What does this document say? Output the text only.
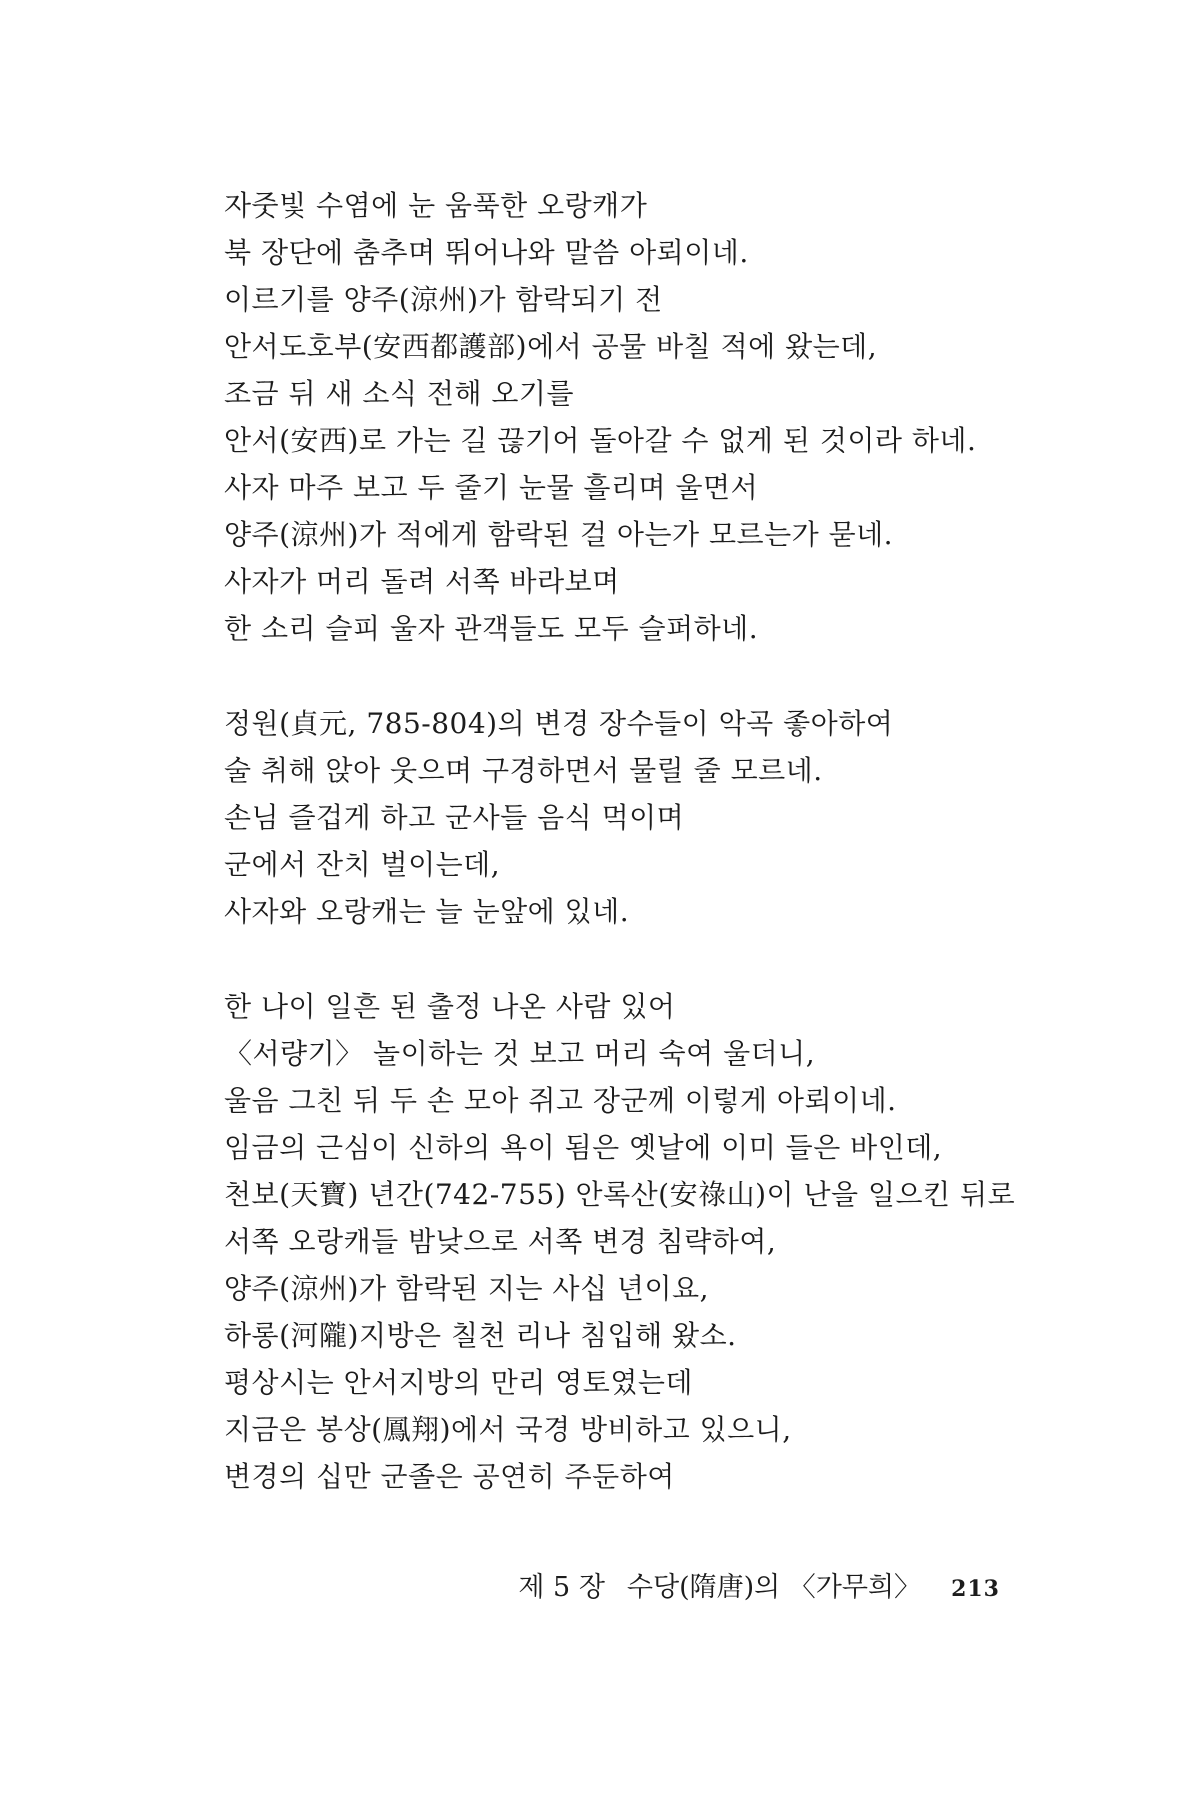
자줏빛 수염에 눈 움푹한 오랑캐가
북 장단에 춤추며 뛰어나와 말씀 아뢰이네.
이르기를 양주(涼州)가 함락되기 전
안서도호부(安西都護部)에서 공물 바칠 적에 왔는데,
조금 뒤 새 소식 전해 오기를
안서(安西)로 가는 길 끊기어 돌아갈 수 없게 된 것이라 하네.
사자 마주 보고 두 줄기 눈물 흘리며 울면서
양주(涼州)가 적에게 함락된 걸 아는가 모르는가 묻네.
사자가 머리 돌려 서쪽 바라보며
한 소리 슬피 울자 관객들도 모두 슬퍼하네.
정원(貞元, 785-804)의 변경 장수들이 악곡 좋아하여
술 취해 앉아 웃으며 구경하면서 물릴 줄 모르네.
손님 즐겁게 하고 군사들 음식 먹이며
군에서 잔치 벌이는데,
사자와 오랑캐는 늘 눈앞에 있네.
한 나이 일흔 된 출정 나온 사람 있어
〈서량기〉 놀이하는 것 보고 머리 숙여 울더니,
울음 그친 뒤 두 손 모아 쥐고 장군께 이렇게 아뢰이네.
임금의 근심이 신하의 욕이 됨은 옛날에 이미 들은 바인데,
천보(天寶) 년간(742-755) 안록산(安祿山)이 난을 일으킨 뒤로
서쪽 오랑캐들 밤낮으로 서쪽 변경 침략하여,
양주(涼州)가 함락된 지는 사십 년이요,
하롱(河隴)지방은 칠천 리나 침입해 왔소.
평상시는 안서지방의 만리 영토였는데
지금은 봉상(鳳翔)에서 국경 방비하고 있으니,
변경의 십만 군졸은 공연히 주둔하여
제 5 장 수당(隋唐)의 〈가무희〉 213
